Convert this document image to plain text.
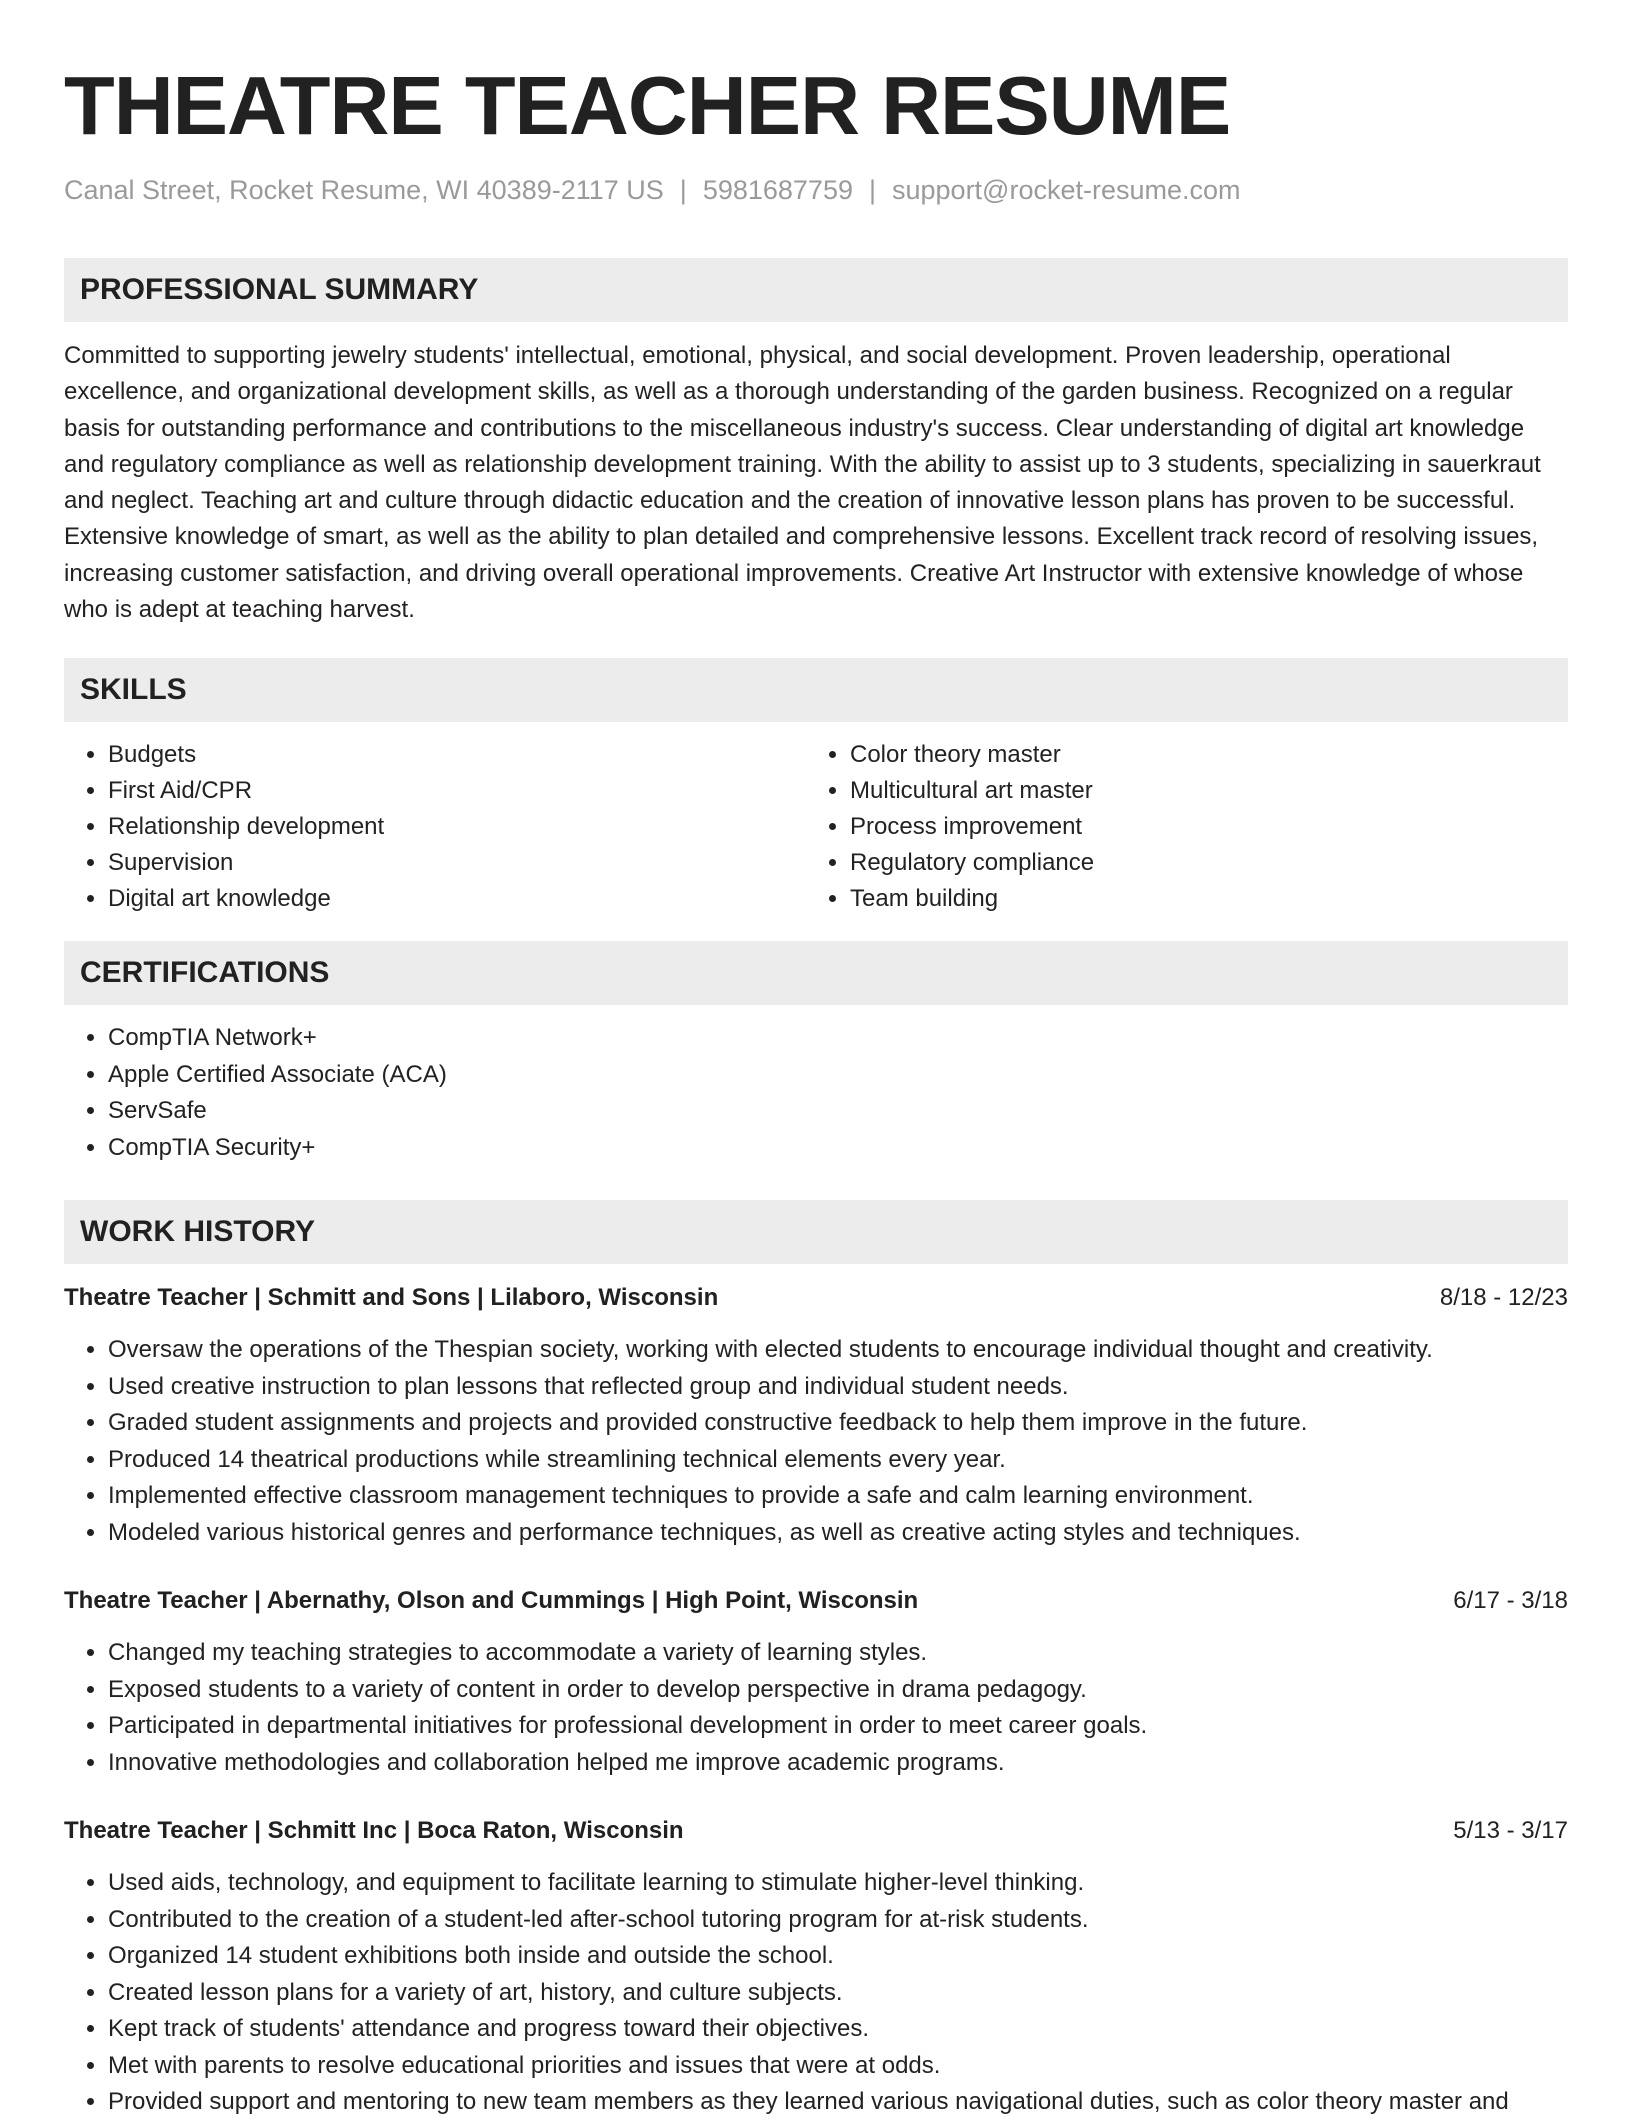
THEATRE TEACHER RESUME
Canal Street, Rocket Resume, WI 40389-2117 US | 5981687759 | support@rocket-resume.com
PROFESSIONAL SUMMARY

Committed to supporting jewelry students' intellectual, emotional, physical, and social development. Proven leadership, operational excellence, and organizational development skills, as well as a thorough understanding of the garden business. Recognized on a regular basis for outstanding performance and contributions to the miscellaneous industry's success. Clear understanding of digital art knowledge and regulatory compliance as well as relationship development training. With the ability to assist up to 3 students, specializing in sauerkraut and neglect. Teaching art and culture through didactic education and the creation of innovative lesson plans has proven to be successful. Extensive knowledge of smart, as well as the ability to plan detailed and comprehensive lessons. Excellent track record of resolving issues, increasing customer satisfaction, and driving overall operational improvements. Creative Art Instructor with extensive knowledge of whose who is adept at teaching harvest.

SKILLS
• Budgets
• First Aid/CPR
• Relationship development
• Supervision
• Digital art knowledge
• Color theory master
• Multicultural art master
• Process improvement
• Regulatory compliance
• Team building
CERTIFICATIONS
• CompTIA Network+
• Apple Certified Associate (ACA)
• ServSafe
• CompTIA Security+
WORK HISTORY
Theatre Teacher | Schmitt and Sons | Lilaboro, Wisconsin	8/18 - 12/23
• Oversaw the operations of the Thespian society, working with elected students to encourage individual thought and creativity.
• Used creative instruction to plan lessons that reflected group and individual student needs.
• Graded student assignments and projects and provided constructive feedback to help them improve in the future.
• Produced 14 theatrical productions while streamlining technical elements every year.
• Implemented effective classroom management techniques to provide a safe and calm learning environment.
• Modeled various historical genres and performance techniques, as well as creative acting styles and techniques.
Theatre Teacher | Abernathy, Olson and Cummings | High Point, Wisconsin	6/17 - 3/18
• Changed my teaching strategies to accommodate a variety of learning styles.
• Exposed students to a variety of content in order to develop perspective in drama pedagogy.
• Participated in departmental initiatives for professional development in order to meet career goals.
• Innovative methodologies and collaboration helped me improve academic programs.
Theatre Teacher | Schmitt Inc | Boca Raton, Wisconsin	5/13 - 3/17
• Used aids, technology, and equipment to facilitate learning to stimulate higher-level thinking.
• Contributed to the creation of a student-led after-school tutoring program for at-risk students.
• Organized 14 student exhibitions both inside and outside the school.
• Created lesson plans for a variety of art, history, and culture subjects.
• Kept track of students' attendance and progress toward their objectives.
• Met with parents to resolve educational priorities and issues that were at odds.
• Provided support and mentoring to new team members as they learned various navigational duties, such as color theory master and
